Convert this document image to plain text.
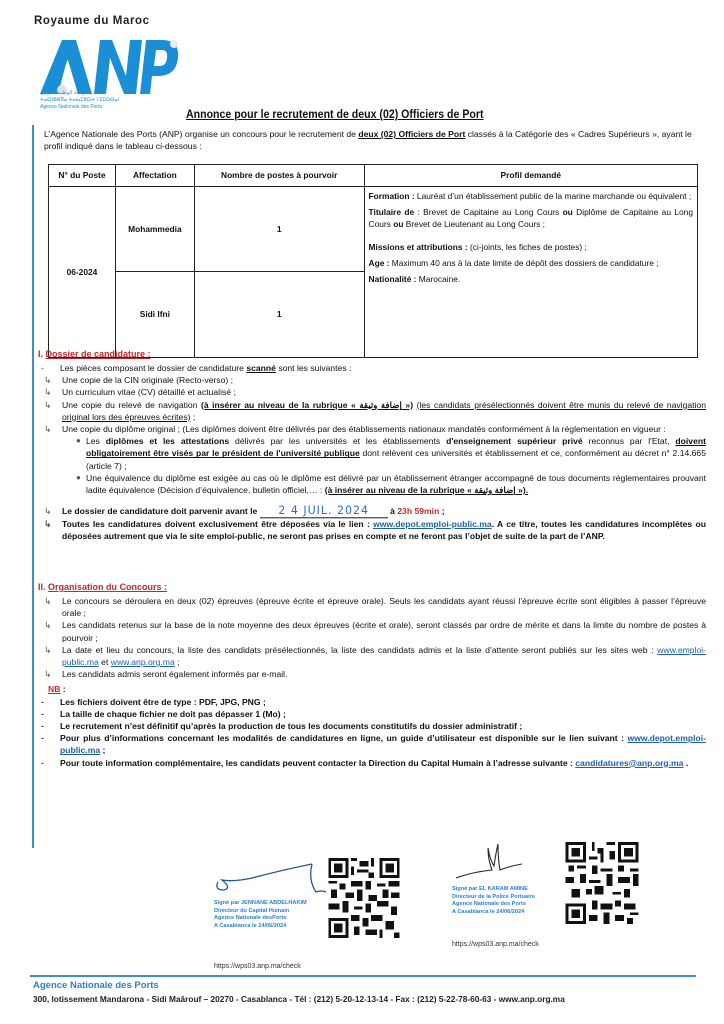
Royaume du Maroc
الوكالة الوطنية للموانئ
ⵜⴰⵙⵏⵓⴱⴳⴰ ⵜⴰⵏⴰⵎⵓⵔⵜ ⵏ ⵉⵎⵔⵙⴰⵏ
Agence Nationale des Ports
Annonce pour le recrutement de deux (02) Officiers de Port
L’Agence Nationale des Ports (ANP) organise un concours pour le recrutement de deux (02) Officiers de Port classés à la Catégorie des « Cadres Supérieurs », ayant le profil indiqué dans le tableau ci-dessous :
N° du Poste	Affectation	Nombre de postes à pourvoir	Profil demandé
06-2024	Mohammedia	1	Formation : Lauréat d’un établissement public de la marine marchande ou équivalent ;

Titulaire de : Brevet de Capitaine au Long Cours ou Diplôme de Capitaine au Long Cours ou Brevet de Lieutenant au Long Cours ;

Missions et attributions : (ci-joints, les fiches de postes) ;

Age : Maximum 40 ans à la date limite de dépôt des dossiers de candidature ;

Nationalité : Marocaine.

	Sidi Ifni	1	
I. Dossier de candidature :
- Les pièces composant le dossier de candidature scanné sont les suivantes :
↳ Une copie de la CIN originale (Recto-verso) ;
↳ Un curriculum vitae (CV) détaillé et actualisé ;
↳ Une copie du relevé de navigation (à insérer au niveau de la rubrique « إضافة وثيقة ») (les candidats présélectionnés doivent être munis du relevé de navigation original lors des épreuves écrites) ;
↳ Une copie du diplôme original ; (Les diplômes doivent être délivrés par des établissements nationaux mandatés conformément à la réglementation en vigueur :
● Les diplômes et les attestations délivrés par les universités et les établissements d'enseignement supérieur privé reconnus par l'Etat, doivent obligatoirement être visés par le président de l'université publique dont relèvent ces universités et établissement et ce, conformément au décret n° 2.14.665 (article 7) ;
● Une équivalence du diplôme est exigée au cas où le diplôme est délivré par un établissement étranger accompagné de tous documents réglementaires prouvant ladite équivalence (Décision d’équivalence, bulletin officiel,… : (à insérer au niveau de la rubrique « إضافة وثيقة »).
↳ Le dossier de candidature doit parvenir avant le 2 4 JUIL. 2024 à 23h 59min ;
↳ Toutes les candidatures doivent exclusivement être déposées via le lien : www.depot.emploi-public.ma. A ce titre, toutes les candidatures incomplètes ou déposées autrement que via le site emploi-public, ne seront pas prises en compte et ne feront pas l’objet de suite de la part de l’ANP.
II. Organisation du Concours :
↳ Le concours se déroulera en deux (02) épreuves (épreuve écrite et épreuve orale). Seuls les candidats ayant réussi l’épreuve écrite sont éligibles à passer l’épreuve orale ;
↳ Les candidats retenus sur la base de la note moyenne des deux épreuves (écrite et orale), seront classés par ordre de mérite et dans la limite du nombre de postes à pourvoir ;
↳ La date et lieu du concours, la liste des candidats présélectionnés, la liste des candidats admis et la liste d’attente seront publiés sur les sites web : www.emploi-public.ma et www.anp.org.ma ;
↳ Les candidats admis seront également informés par e-mail.
NB :
- Les fichiers doivent être de type : PDF, JPG, PNG ;
- La taille de chaque fichier ne doit pas dépasser 1 (Mo) ;
- Le recrutement n’est définitif qu’après la production de tous les documents constitutifs du dossier administratif ;
- Pour plus d’informations concernant les modalités de candidatures en ligne, un guide d’utilisateur est disponible sur le lien suivant : www.depot.emploi-public.ma ;
- Pour toute information complémentaire, les candidats peuvent contacter la Direction du Capital Humain à l’adresse suivante : candidatures@anp.org.ma .
Signé par JENNANE ABDELHAKIM
Directeur du Capital Humain
Agence Nationale desPorts
A Casablanca le 24/06/2024
https://wps03.anp.ma/check
Signé par EL KARAM AMINE
Directeur de la Police Portuaire
Agence Nationale des Ports
A Casablanca le 24/06/2024
https://wps03.anp.ma/check
Agence Nationale des Ports
300, lotissement Mandarona - Sidi Maârouf – 20270 - Casablanca - Tél : (212) 5-20-12-13-14 - Fax : (212) 5-22-78-60-63 - www.anp.org.ma
